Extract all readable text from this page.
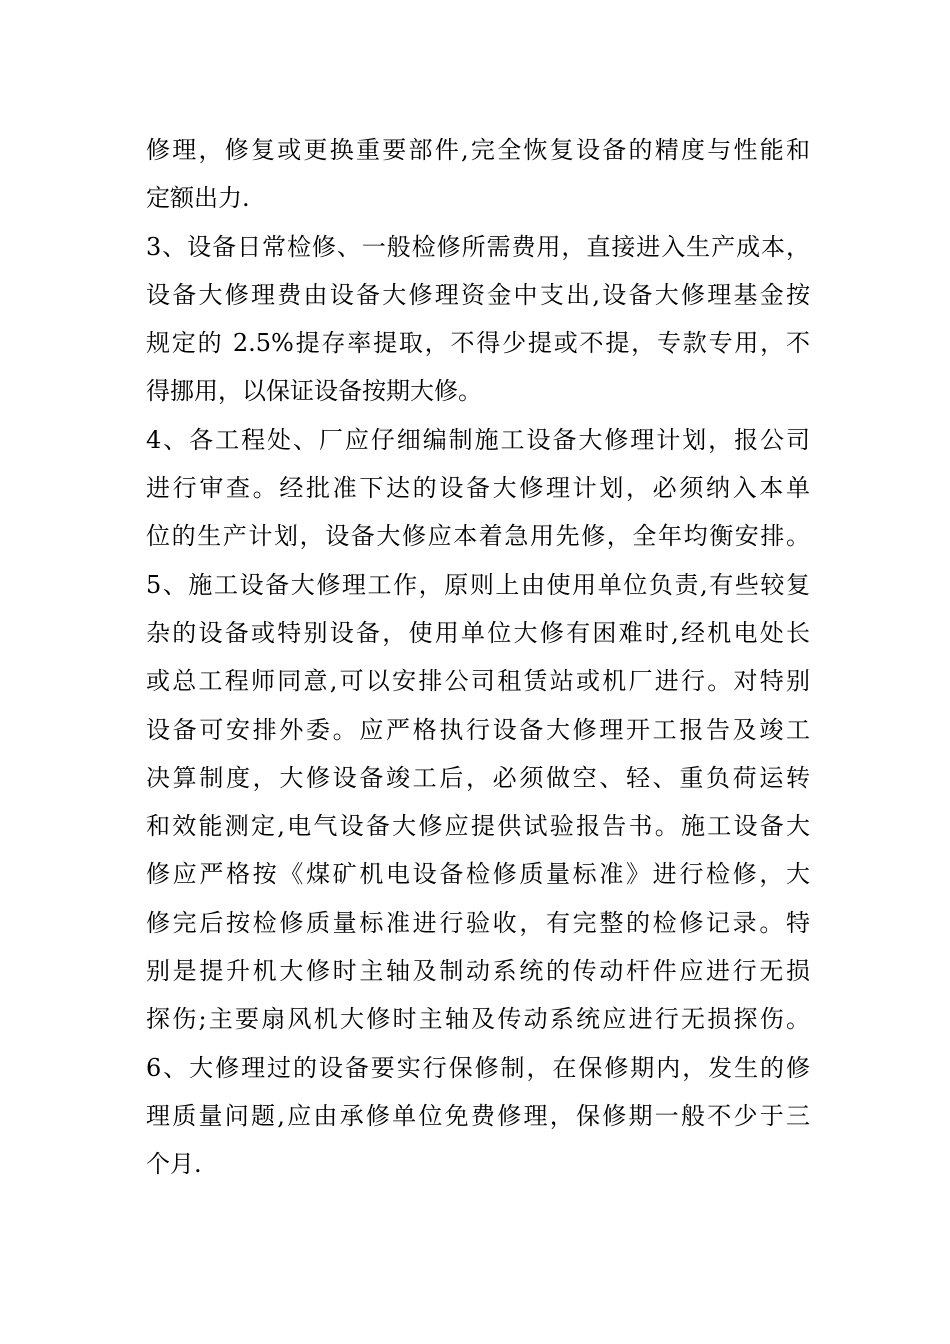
修理，修复或更换重要部件,完全恢复设备的精度与性能和
定额出力.
3、设备日常检修、一般检修所需费用，直接进入生产成本，
设备大修理费由设备大修理资金中支出,设备大修理基金按
规定的 2.5%提存率提取，不得少提或不提，专款专用，不
得挪用，以保证设备按期大修。
4、各工程处、厂应仔细编制施工设备大修理计划，报公司
进行审查。经批准下达的设备大修理计划，必须纳入本单
位的生产计划，设备大修应本着急用先修，全年均衡安排。
5、施工设备大修理工作，原则上由使用单位负责,有些较复
杂的设备或特别设备，使用单位大修有困难时,经机电处长
或总工程师同意,可以安排公司租赁站或机厂进行。对特别
设备可安排外委。应严格执行设备大修理开工报告及竣工
决算制度，大修设备竣工后，必须做空、轻、重负荷运转
和效能测定,电气设备大修应提供试验报告书。施工设备大
修应严格按《煤矿机电设备检修质量标准》进行检修，大
修完后按检修质量标准进行验收，有完整的检修记录。特
别是提升机大修时主轴及制动系统的传动杆件应进行无损
探伤;主要扇风机大修时主轴及传动系统应进行无损探伤。
6、大修理过的设备要实行保修制，在保修期内，发生的修
理质量问题,应由承修单位免费修理，保修期一般不少于三
个月.
